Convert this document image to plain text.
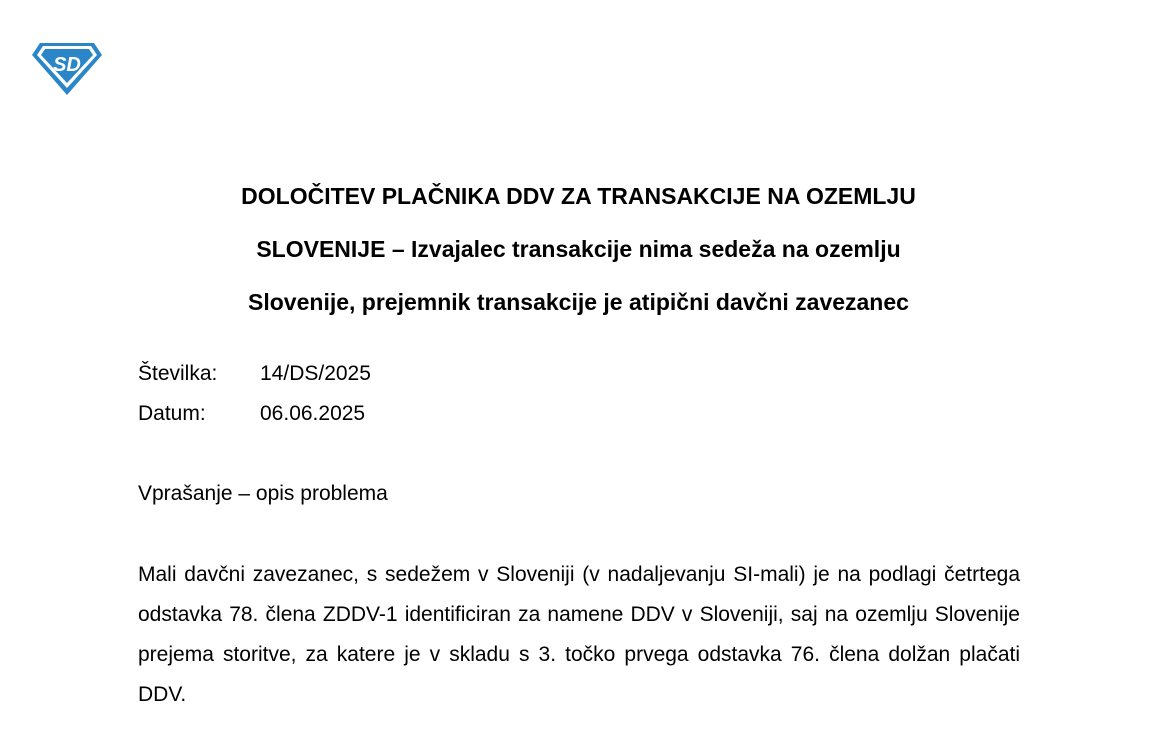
SD
DOLOČITEV PLAČNIKA DDV ZA TRANSAKCIJE NA OZEMLJU
SLOVENIJE – Izvajalec transakcije nima sedeža na ozemlju
Slovenije, prejemnik transakcije je atipični davčni zavezanec
Številka:	14/DS/2025
Datum:	06.06.2025
Vprašanje – opis problema
Mali davčni zavezanec, s sedežem v Sloveniji (v nadaljevanju SI-mali) je na podlagi četrtega odstavka 78. člena ZDDV-1 identificiran za namene DDV v Sloveniji, saj na ozemlju Slovenije prejema storitve, za katere je v skladu s 3. točko prvega odstavka 76. člena dolžan plačati DDV.
